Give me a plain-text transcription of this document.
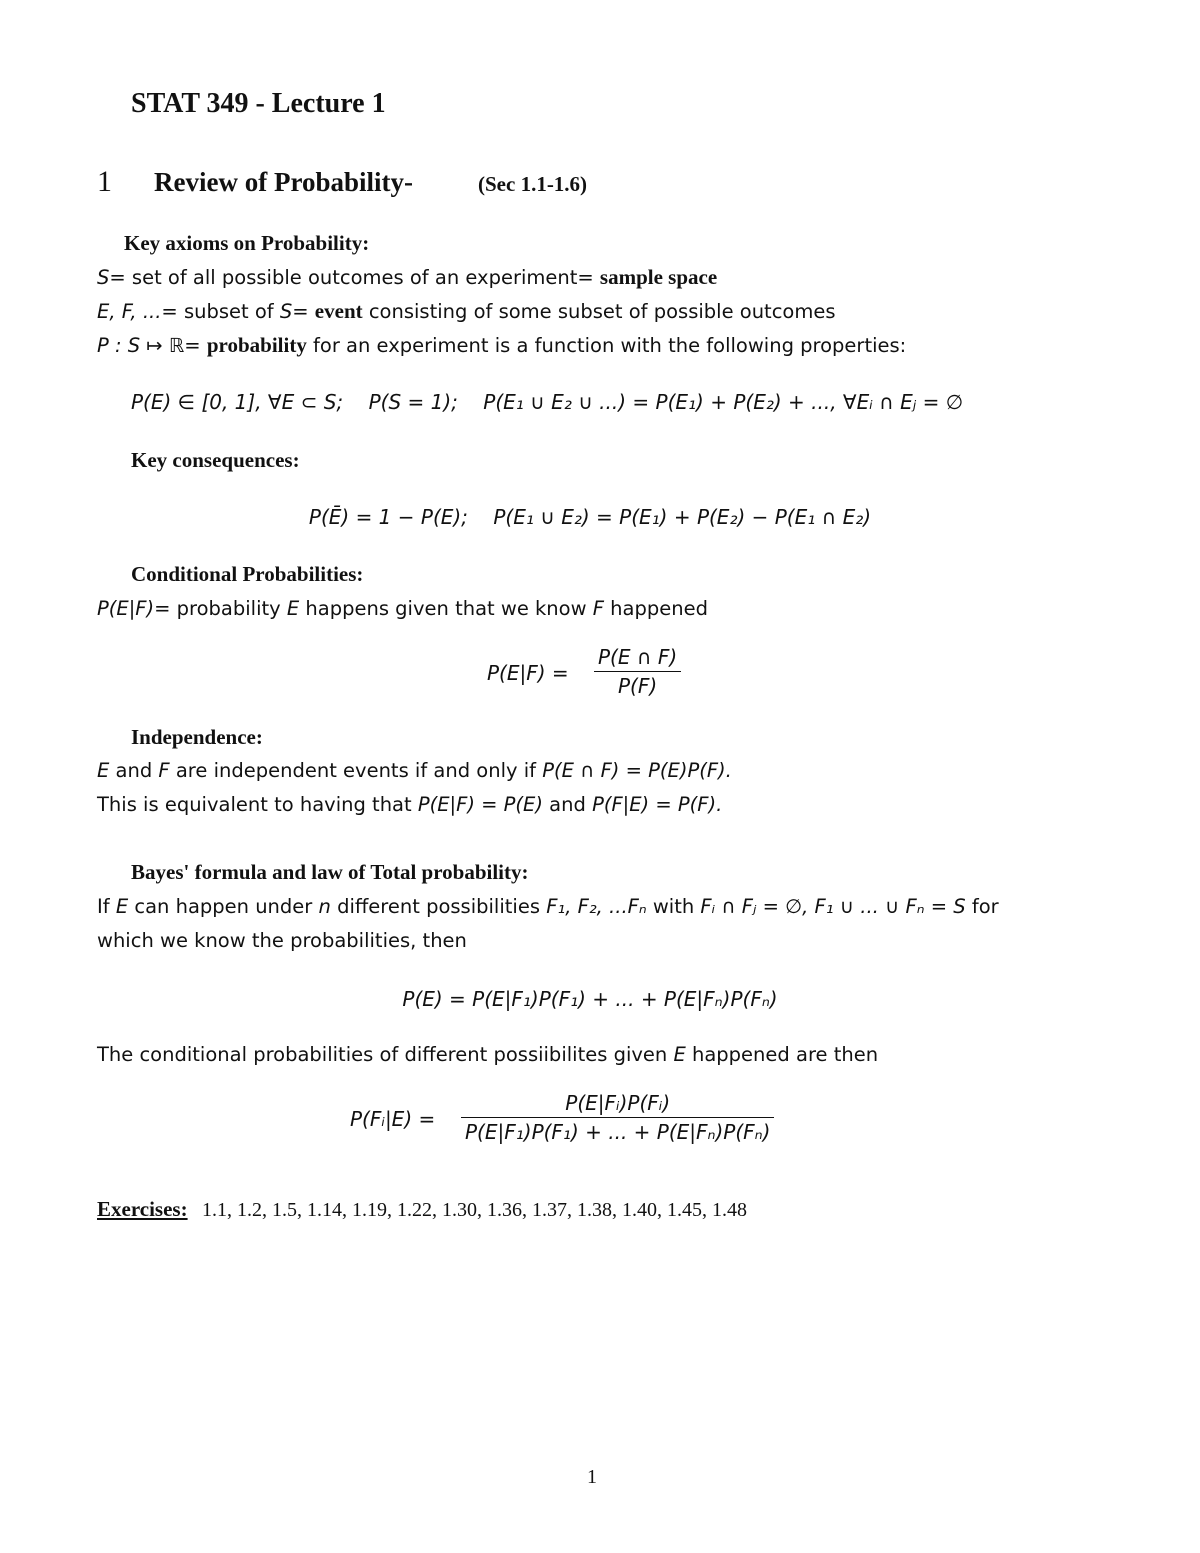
STAT 349 - Lecture 1
1 Review of Probability-	(Sec 1.1-1.6)
Key axioms on Probability:
S= set of all possible outcomes of an experiment= sample space
E, F, ...= subset of S= event consisting of some subset of possible outcomes
P : S ↦ ℝ= probability for an experiment is a function with the following properties:
P(E) ∈ [0, 1], ∀E ⊂ S;    P(S = 1);    P(E₁ ∪ E₂ ∪ ...) = P(E₁) + P(E₂) + ..., ∀Eᵢ ∩ Eⱼ = ∅
Key consequences:
P(Ē) = 1 − P(E);    P(E₁ ∪ E₂) = P(E₁) + P(E₂) − P(E₁ ∩ E₂)
Conditional Probabilities:
P(E|F)= probability E happens given that we know F happened
P(E|F) =
P(E ∩ F)
P(F)
Independence:
E and F are independent events if and only if P(E ∩ F) = P(E)P(F).
This is equivalent to having that P(E|F) = P(E) and P(F|E) = P(F).
Bayes' formula and law of Total probability:
If E can happen under n different possibilities F₁, F₂, ...Fₙ with Fᵢ ∩ Fⱼ = ∅, F₁ ∪ ... ∪ Fₙ = S for
which we know the probabilities, then
P(E) = P(E|F₁)P(F₁) + ... + P(E|Fₙ)P(Fₙ)
The conditional probabilities of different possiibilites given E happened are then
P(Fᵢ|E) =
P(E|Fᵢ)P(Fᵢ)
P(E|F₁)P(F₁) + ... + P(E|Fₙ)P(Fₙ)
Exercises: 1.1, 1.2, 1.5, 1.14, 1.19, 1.22, 1.30, 1.36, 1.37, 1.38, 1.40, 1.45, 1.48
1
